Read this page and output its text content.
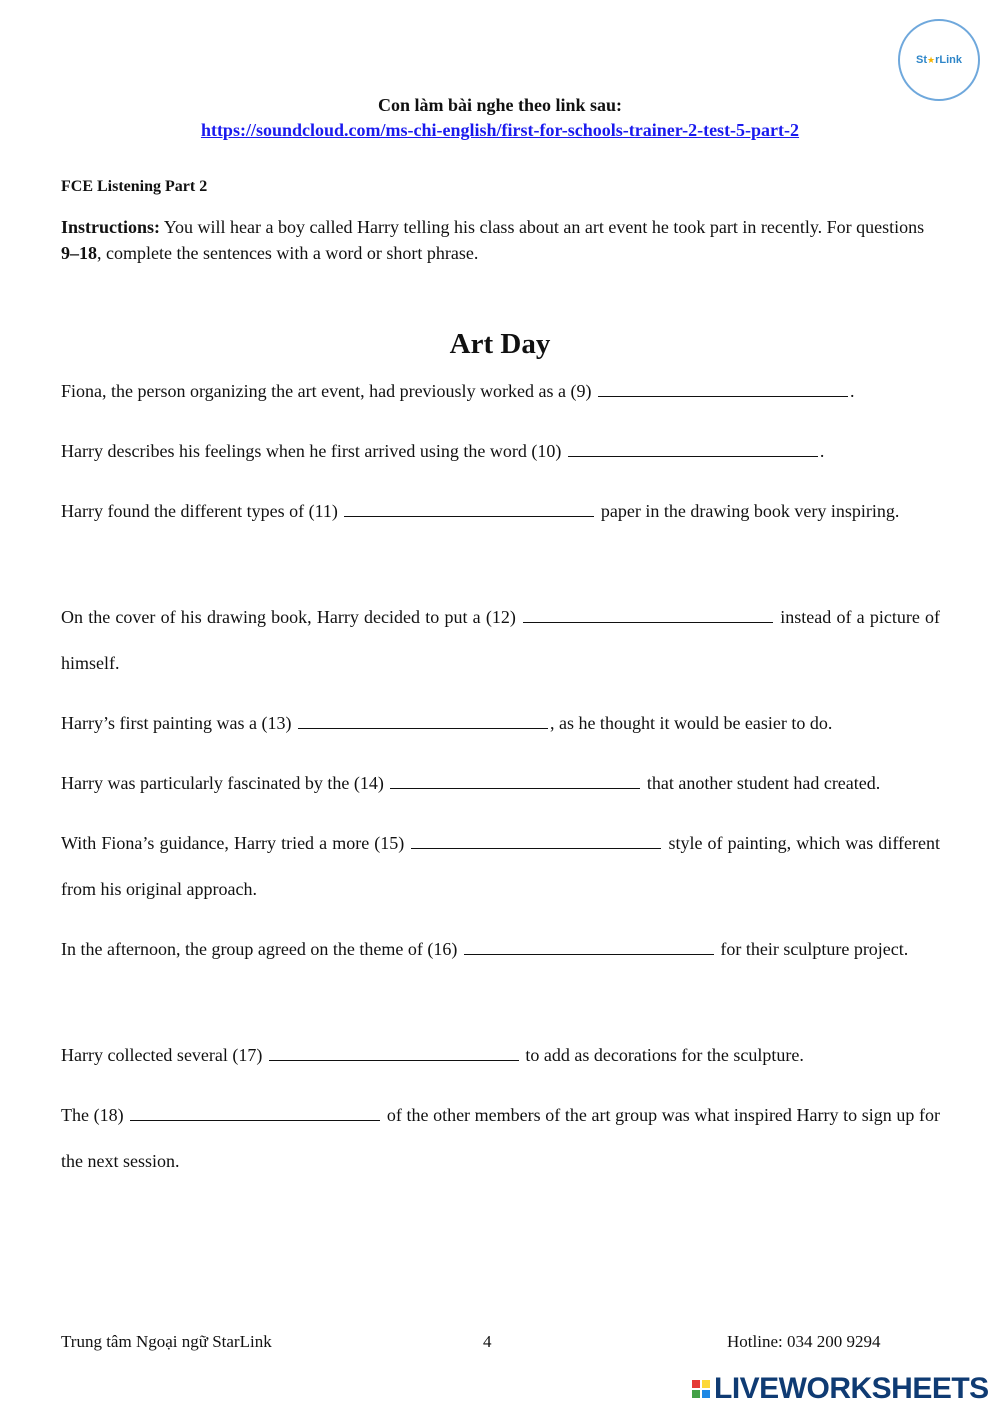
St ★ rLink
Con làm bài nghe theo link sau:
https://soundcloud.com/ms-chi-english/first-for-schools-trainer-2-test-5-part-2
FCE Listening Part 2
Instructions: You will hear a boy called Harry telling his class about an art event he took part in recently. For questions 9–18, complete the sentences with a word or short phrase.
Art Day
Fiona, the person organizing the art event, had previously worked as a (9)	.
Harry describes his feelings when he first arrived using the word (10)	.
Harry found the different types of (11)	paper in the drawing book very inspiring.
On the cover of his drawing book, Harry decided to put a (12)	instead of a picture of himself.
Harry’s first painting was a (13)	, as he thought it would be easier to do.
Harry was particularly fascinated by the (14)	that another student had created.
With Fiona’s guidance, Harry tried a more (15)	style of painting, which was different from his original approach.
In the afternoon, the group agreed on the theme of (16)	for their sculpture project.
Harry collected several (17)	to add as decorations for the sculpture.
The (18)	of the other members of the art group was what inspired Harry to sign up for the next session.
Trung tâm Ngoại ngữ StarLink	4	Hotline: 034 200 9294
LIVEWORKSHEETS
